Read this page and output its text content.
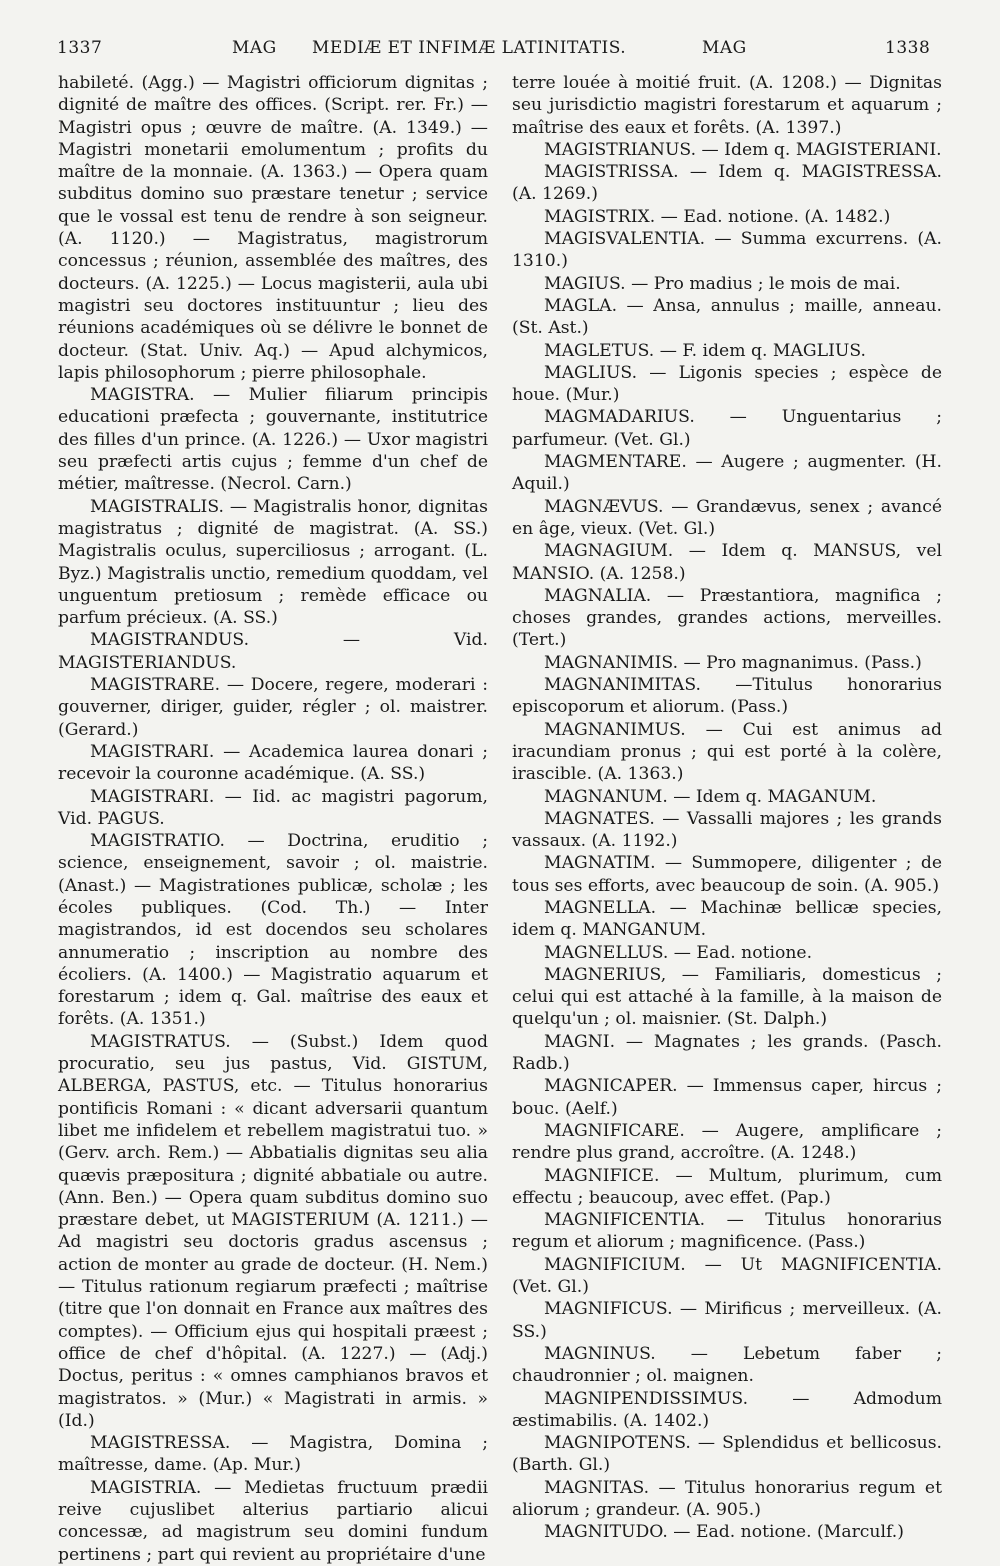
1337	MAG MEDIÆ ET INFIMÆ LATINITATIS.	MAG	1338

habileté. (Agg.) — Magistri officiorum dignitas ; dignité de maître des offices. (Script. rer. Fr.) — Magistri opus ; œuvre de maître. (A. 1349.) — Magistri monetarii emolumentum ; profits du maître de la monnaie. (A. 1363.) — Opera quam subditus domino suo præstare tenetur ; service que le vossal est tenu de rendre à son seigneur. (A. 1120.) — Magistratus, magistrorum concessus ; réunion, assemblée des maîtres, des docteurs. (A. 1225.) — Locus magisterii, aula ubi magistri seu doctores instituuntur ; lieu des réunions académiques où se délivre le bonnet de docteur. (Stat. Univ. Aq.) — Apud alchymicos, lapis philosophorum ; pierre philosophale.

MAGISTRA. — Mulier filiarum principis educationi præfecta ; gouvernante, institutrice des filles d'un prince. (A. 1226.) — Uxor magistri seu præfecti artis cujus ; femme d'un chef de métier, maîtresse. (Necrol. Carn.)

MAGISTRALIS. — Magistralis honor, dignitas magistratus ; dignité de magistrat. (A. SS.) Magistralis oculus, superciliosus ; arrogant. (L. Byz.) Magistralis unctio, remedium quoddam, vel unguentum pretiosum ; remède efficace ou parfum précieux. (A. SS.)

MAGISTRANDUS. — Vid. MAGISTERIANDUS.

MAGISTRARE. — Docere, regere, moderari : gouverner, diriger, guider, régler ; ol. maistrer. (Gerard.)

MAGISTRARI. — Academica laurea donari ; recevoir la couronne académique. (A. SS.)

MAGISTRARI. — Iid. ac magistri pagorum, Vid. PAGUS.

MAGISTRATIO. — Doctrina, eruditio ; science, enseignement, savoir ; ol. maistrie. (Anast.) — Magistrationes publicæ, scholæ ; les écoles publiques. (Cod. Th.) — Inter magistrandos, id est docendos seu scholares annumeratio ; inscription au nombre des écoliers. (A. 1400.) — Magistratio aquarum et forestarum ; idem q. Gal. maîtrise des eaux et forêts. (A. 1351.)

MAGISTRATUS. — (Subst.) Idem quod procuratio, seu jus pastus, Vid. GISTUM, ALBERGA, PASTUS, etc. — Titulus honorarius pontificis Romani : « dicant adversarii quantum libet me infidelem et rebellem magistratui tuo. » (Gerv. arch. Rem.) — Abbatialis dignitas seu alia quævis præpositura ; dignité abbatiale ou autre. (Ann. Ben.) — Opera quam subditus domino suo præstare debet, ut MAGISTERIUM (A. 1211.) — Ad magistri seu doctoris gradus ascensus ; action de monter au grade de docteur. (H. Nem.) — Titulus rationum regiarum præfecti ; maîtrise (titre que l'on donnait en France aux maîtres des comptes). — Officium ejus qui hospitali præest ; office de chef d'hôpital. (A. 1227.) — (Adj.) Doctus, peritus : « omnes camphianos bravos et magistratos. » (Mur.) « Magistrati in armis. » (Id.)

MAGISTRESSA. — Magistra, Domina ; maîtresse, dame. (Ap. Mur.)

MAGISTRIA. — Medietas fructuum prædii reive cujuslibet alterius partiario alicui concessæ, ad magistrum seu domini fundum pertinens ; part qui revient au propriétaire d'une

terre louée à moitié fruit. (A. 1208.) — Dignitas seu jurisdictio magistri forestarum et aquarum ; maîtrise des eaux et forêts. (A. 1397.)

MAGISTRIANUS. — Idem q. MAGISTERIANI.

MAGISTRISSA. — Idem q. MAGISTRESSA. (A. 1269.)

MAGISTRIX. — Ead. notione. (A. 1482.)

MAGISVALENTIA. — Summa excurrens. (A. 1310.)

MAGIUS. — Pro madius ; le mois de mai.

MAGLA. — Ansa, annulus ; maille, anneau. (St. Ast.)

MAGLETUS. — F. idem q. MAGLIUS.

MAGLIUS. — Ligonis species ; espèce de houe. (Mur.)

MAGMADARIUS. — Unguentarius ; parfumeur. (Vet. Gl.)

MAGMENTARE. — Augere ; augmenter. (H. Aquil.)

MAGNÆVUS. — Grandævus, senex ; avancé en âge, vieux. (Vet. Gl.)

MAGNAGIUM. — Idem q. MANSUS, vel MANSIO. (A. 1258.)

MAGNALIA. — Præstantiora, magnifica ; choses grandes, grandes actions, merveilles. (Tert.)

MAGNANIMIS. — Pro magnanimus. (Pass.)

MAGNANIMITAS. —Titulus honorarius episcoporum et aliorum. (Pass.)

MAGNANIMUS. — Cui est animus ad iracundiam pronus ; qui est porté à la colère, irascible. (A. 1363.)

MAGNANUM. — Idem q. MAGANUM.

MAGNATES. — Vassalli majores ; les grands vassaux. (A. 1192.)

MAGNATIM. — Summopere, diligenter ; de tous ses efforts, avec beaucoup de soin. (A. 905.)

MAGNELLA. — Machinæ bellicæ species, idem q. MANGANUM.

MAGNELLUS. — Ead. notione.

MAGNERIUS, — Familiaris, domesticus ; celui qui est attaché à la famille, à la maison de quelqu'un ; ol. maisnier. (St. Dalph.)

MAGNI. — Magnates ; les grands. (Pasch. Radb.)

MAGNICAPER. — Immensus caper, hircus ; bouc. (Aelf.)

MAGNIFICARE. — Augere, amplificare ; rendre plus grand, accroître. (A. 1248.)

MAGNIFICE. — Multum, plurimum, cum effectu ; beaucoup, avec effet. (Pap.)

MAGNIFICENTIA. — Titulus honorarius regum et aliorum ; magnificence. (Pass.)

MAGNIFICIUM. — Ut MAGNIFICENTIA. (Vet. Gl.)

MAGNIFICUS. — Mirificus ; merveilleux. (A. SS.)

MAGNINUS. — Lebetum faber ; chaudronnier ; ol. maignen.

MAGNIPENDISSIMUS. — Admodum æstimabilis. (A. 1402.)

MAGNIPOTENS. — Splendidus et bellicosus. (Barth. Gl.)

MAGNITAS. — Titulus honorarius regum et aliorum ; grandeur. (A. 905.)

MAGNITUDO. — Ead. notione. (Marculf.)
